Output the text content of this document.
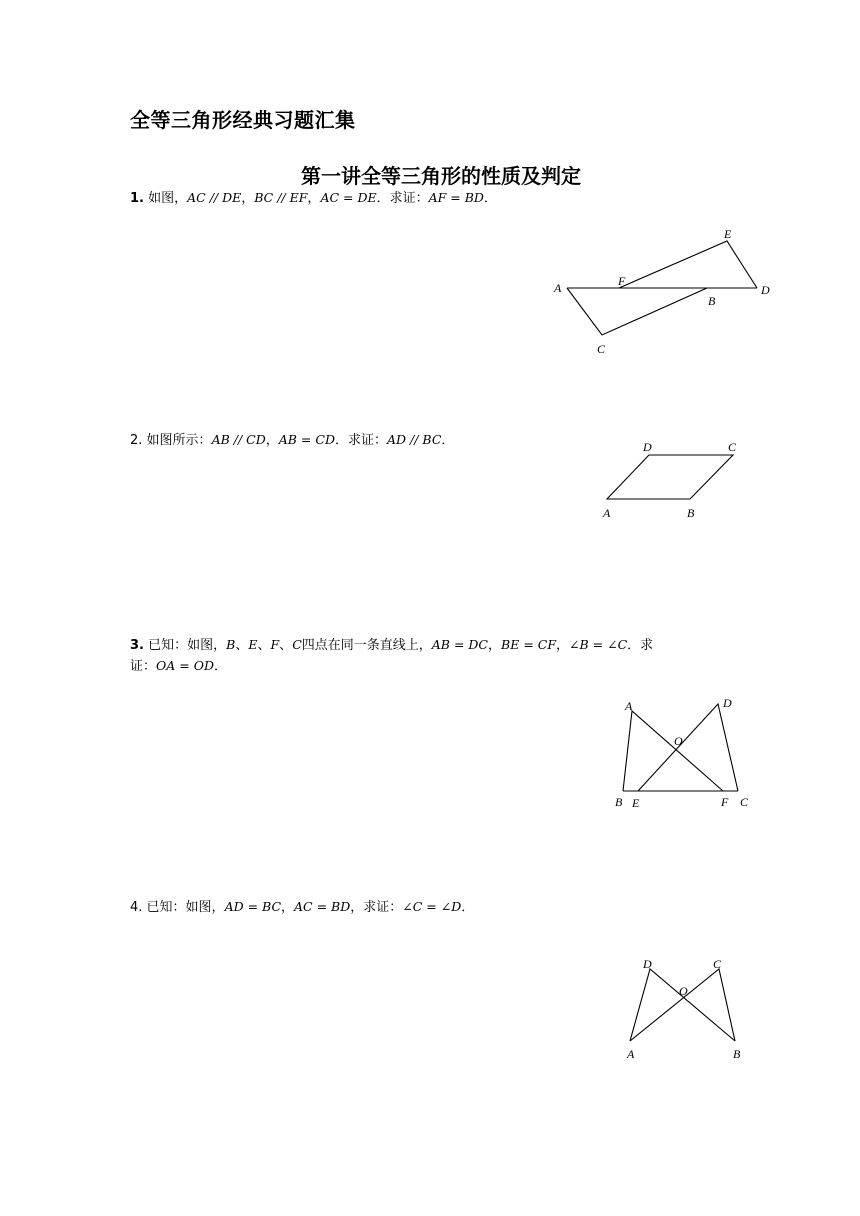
全等三角形经典习题汇集
第一讲全等三角形的性质及判定

1. 如图，AC // DE，BC // EF，AC = DE．求证：AF = BD．

A	F
B
D
E
C

2. 如图所示：AB // CD，AB = CD．求证：AD // BC．

A	B
C
D

3. 已知：如图，B、E、F、C四点在同一条直线上，AB = DC，BE = CF，∠B = ∠C．求
证：OA = OD．

A	D
O
B E	F C

4. 已知：如图，AD = BC，AC = BD，求证：∠C = ∠D．

D	C
O
A	B
